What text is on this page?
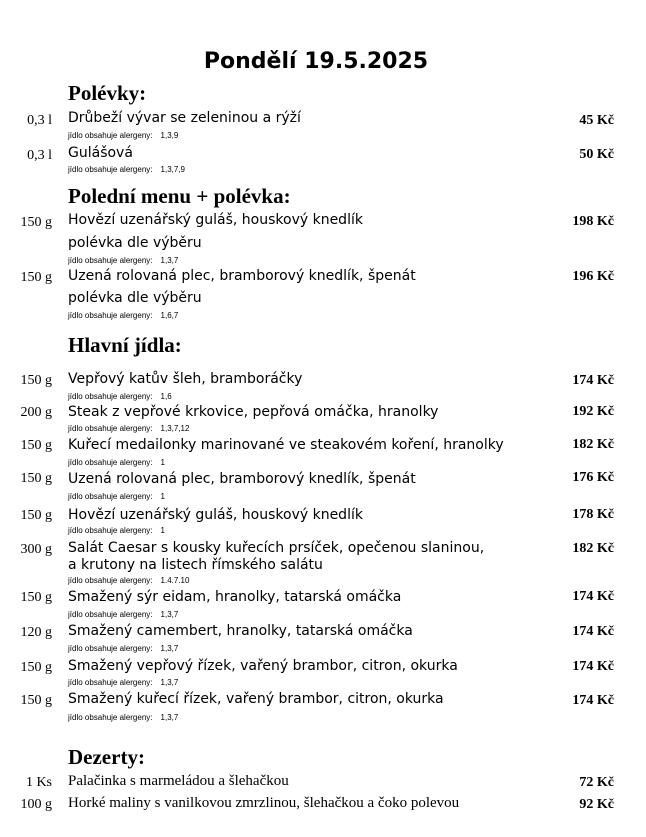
Pondělí 19.5.2025
Polévky:
0,3 l Drůbeží vývar se zeleninou a rýží	45 Kč
jídlo obsahuje alergeny: 1,3,9
0,3 l Gulášová	50 Kč
jídlo obsahuje alergeny: 1,3,7,9
Polední menu + polévka:
150 g Hovězí uzenářský guláš, houskový knedlík
polévka dle výběru
198 Kč
jídlo obsahuje alergeny: 1,3,7
150 g Uzená rolovaná plec, bramborový knedlík, špenát
polévka dle výběru
196 Kč
jídlo obsahuje alergeny: 1,6,7
Hlavní jídla:
150 g Vepřový katův šleh, bramboráčky	174 Kč
jídlo obsahuje alergeny: 1,6
200 g Steak z vepřové krkovice, pepřová omáčka, hranolky	192 Kč
jídlo obsahuje alergeny: 1,3,7,12
150 g Kuřecí medailonky marinované ve steakovém koření, hranolky	182 Kč
jídlo obsahuje alergeny: 1
150 g Uzená rolovaná plec, bramborový knedlík, špenát	176 Kč
jídlo obsahuje alergeny: 1
150 g Hovězí uzenářský guláš, houskový knedlík	178 Kč
jídlo obsahuje alergeny: 1
300 g Salát Caesar s kousky kuřecích prsíček, opečenou slaninou,
a krutony na listech římského salátu
182 Kč
jídlo obsahuje alergeny: 1.4.7.10
150 g Smažený sýr eidam, hranolky, tatarská omáčka	174 Kč
jídlo obsahuje alergeny: 1,3,7
120 g Smažený camembert, hranolky, tatarská omáčka	174 Kč
jídlo obsahuje alergeny: 1,3,7
150 g Smažený vepřový řízek, vařený brambor, citron, okurka	174 Kč
jídlo obsahuje alergeny: 1,3,7
150 g Smažený kuřecí řízek, vařený brambor, citron, okurka	174 Kč
jídlo obsahuje alergeny: 1,3,7
Dezerty:
1 Ks Palačinka s marmeládou a šlehačkou	72 Kč
100 g Horké maliny s vanilkovou zmrzlinou, šlehačkou a čoko polevou	92 Kč
